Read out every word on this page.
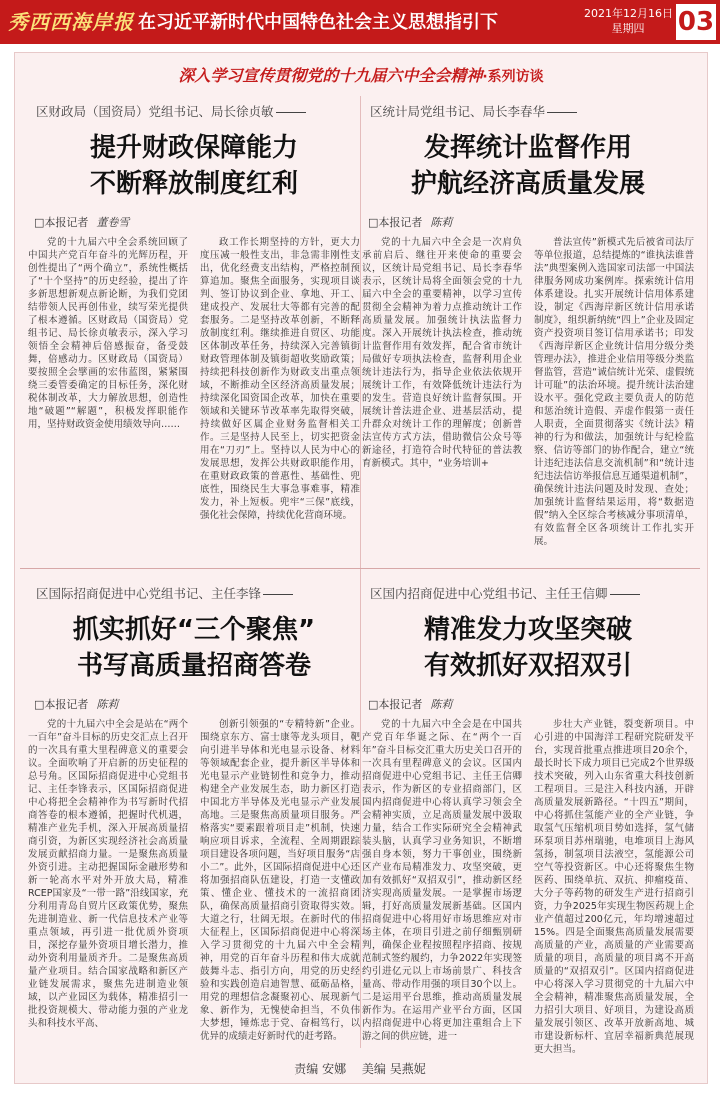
秀西西海岸报 在习近平新时代中国特色社会主义思想指引下	2021年12月16日
星期四	03
深入学习宣传贯彻党的十九届六中全会精神·系列访谈
区财政局（国资局）党组书记、局长徐贞敏
提升财政保障能力
不断释放制度红利
□本报记者 董卷雪
党的十九届六中全会系统回顾了中国共产党百年奋斗的光辉历程，开创性提出了“两个确立”，系统性概括了“十个坚持”的历史经验，提出了许多新思想新观点新论断，为我们党团结带领人民再创伟业，续写荣光提供了根本遵循。区财政局（国资局）党组书记、局长徐贞敏表示，深入学习领悟全会精神后倍感振奋，备受鼓舞，倍感动力。区财政局（国资局）要按照全会擘画的宏伟蓝图，紧紧围绕三委管委确定的目标任务，深化财税体制改革，大力解放思想，创造性地“破题”“解题”，积极发挥职能作用，坚持财政资金使用绩效导向……
政工作长期坚持的方针，更大力度压减一般性支出，非急需非刚性支出，优化经费支出结构，严格控制预算追加。聚焦全面服务，实现项目谈判、签订协议到企业、拿地、开工、建成投产、发展壮大等都有完善的配套服务。二是坚持改革创新，不断释放制度红利。继续推进自贸区、功能区体制改革任务，持续深入完善镇街财政管理体制及镇街超收奖励政策；持续把科技创新作为财政支出重点领域，不断推动全区经济高质量发展；持续深化国资国企改革，加快在重要领域和关键环节改革率先取得突破，持续做好区属企业财务监督相关工作。三是坚持人民至上，切实把资金用在“刀刃”上。坚持以人民为中心的发展思想，发挥公共财政职能作用，在重财政政策的普惠性、基础性、兜底性，围绕民生大事急事难事，精准发力，补上短板。兜牢“三保”底线，强化社会保障，持续优化营商环境。
区统计局党组书记、局长李春华
发挥统计监督作用
护航经济高质量发展
□本报记者 陈莉
党的十九届六中全会是一次肩负承前启后、继往开来使命的重要会议，区统计局党组书记、局长李春华表示，区统计局将全面领会党的十九届六中全会的重要精神，以学习宣传贯彻全会精神为着力点推动统计工作高质量发展。加强统计执法监督力度。深入开展统计执法检查，推动统计监督作用有效发挥，配合省市统计局做好专项执法检查，监督利用企业统计违法行为，指导企业依法依规开展统计工作，有效降低统计违法行为的发生。营造良好统计监督氛围。开展统计普法进企业、进基层活动，提升群众对统计工作的理解度；创新普法宣传方式方法，借助微信公众号等新途径，打造符合时代特征的普法教育新模式。其中，“业务培训+
普法宣传”新模式先后被省司法厅等单位报道，总结提炼的“谁执法谁普法”典型案例入选国家司法部一中国法律服务网成功案例库。探索统计信用体系建设。扎实开展统计信用体系建设，制定《西海岸新区统计信用承诺制度》，组织新纳统“四上”企业及固定资产投资项目签订信用承诺书；印发《西海岸新区企业统计信用分级分类管理办法》，推进企业信用等级分类监督监管，营造“诚信统计光荣、虚假统计可耻”的法治环境。提升统计法治建设水平。强化党政主要负责人的防范和惩治统计造假、弄虚作假第一责任人职责，全面贯彻落实《统计法》精神的行为和做法，加强统计与纪检监察、信访等部门的协作配合，建立“统计违纪违法信息交流机制”和“统计违纪违法信访举报信息互通渠道机制”，确保统计违法问题及时发现、查处；加强统计监督结果运用，将“数据造假”纳入全区综合考核减分事项清单，有效监督全区各项统计工作扎实开展。
区国际招商促进中心党组书记、主任李锋
抓实抓好“三个聚焦”
书写高质量招商答卷
□本报记者 陈莉
党的十九届六中全会是站在“两个一百年”奋斗目标的历史交汇点上召开的一次具有重大里程碑意义的重要会议。全面吹响了开启新的历史征程的总号角。区国际招商促进中心党组书记、主任李锋表示，区国际招商促进中心将把全会精神作为书写新时代招商答卷的根本遵循，把握时代机遇，精准产业先手机，深入开展高质量招商引资，为新区实现经济社会高质量发展贡献招商力量。一是聚焦高质量外资引进。主动把握国际金融形势和新一轮高水平对外开放大局，精准RCEP国家及“一带一路”沿线国家，充分利用青岛自贸片区政策优势，聚焦先进制造业、新一代信息技术产业等重点领域，再引进一批优质外资项目，深挖存量外资项目增长潜力，推动外资利用量质齐升。二是聚焦高质量产业项目。结合国家战略和新区产业链发展需求，聚焦先进制造业领域，以产业园区为载体，精准招引一批投资规模大、带动能力强的产业龙头和科技水平高、
创新引领强的“专精特新”企业。围绕京东方、富士康等龙头项目，靶向引进半导体和光电显示设备、材料等领域配套企业，提升新区半导体和光电显示产业链韧性和竞争力，推动构建全产业发展生态，助力新区打造中国北方半导体及光电显示产业发展高地。三是聚焦高质量项目服务。严格落实“要素跟着项目走”机制，快速响应项目诉求，全流程、全周期跟踪项目建设各项问题，当好项目服务“店小二”。此外，区国际招商促进中心还将加强招商队伍建设，打造一支懂政策、懂企业、懂技术的一流招商团队，确保高质量招商引资取得实效。大道之行，壮阔无垠。在新时代的伟大征程上，区国际招商促进中心将深入学习贯彻党的十九届六中全会精神，用党的百年奋斗历程和伟大成就鼓舞斗志、指引方向，用党的历史经验和实践创造启迪智慧、砥砺品格，用党的理想信念凝聚初心、展现新气象、新作为，无愧使命担当，不负伟大梦想，锤炼忠于党、奋楫笃行，以优异的成绩走好新时代的赶考路。
区国内招商促进中心党组书记、主任王信卿
精准发力攻坚突破
有效抓好双招双引
□本报记者 陈莉
党的十九届六中全会是在中国共产党百年华诞之际、在“两个一百年”奋斗目标交汇重大历史关口召开的一次具有里程碑意义的会议。区国内招商促进中心党组书记、主任王信卿表示，作为新区的专业招商部门，区国内招商促进中心将认真学习领会全会精神实质，立足高质量发展中汲取力量，结合工作实际研究全会精神武装头脑，认真学习业务知识，不断增强自身本领，努力干事创业，围绕新区产业布局精准发力、攻坚突破，更加有效抓好“双招双引”，推动新区经济实现高质量发展。一是掌握市场逻辑，打好高质量发展新基础。区国内招商促进中心将用好市场思维应对市场主体，在项目引进之前仔细甄别研判，确保企业程按照程序招商、按规范制式签约履约，力争2022年实现签约引进亿元以上市场前景广、科技含量高、带动作用强的项目30个以上。二是运用平台思维，推动高质量发展新作为。在运用产业平台方面，区国内招商促进中心将更加注重组合上下游之间的供应链，进一
步壮大产业链，裂变新项目。中心引进的中国海洋工程研究院研发平台，实现首批重点推进项目20余个，最长时长下成力项目已完成2个世界级技术突破，列入山东省重大科技创新工程项目。三是注入科技内涵，开辟高质量发展新路径。“十四五”期间，中心将抓住氢能产业的全产业链，争取氢气压缩机项目势如选择，氢气储环泵项目苏州瑞驰，电堆项目上海风氢扬，制氢项目法液空，氢能源公司空气等投资新区。中心还将聚焦生物医药、围绕单抗、双抗、抑瘤疫苗、大分子等药物的研发生产进行招商引资，力争2025年实现生物医药规上企业产值超过200亿元，年均增速超过15%。四是全面聚焦高质量发展需要高质量的产业，高质量的产业需要高质量的项目，高质量的项目离不开高质量的“双招双引”。区国内招商促进中心将深入学习贯彻党的十九届六中全会精神，精准聚焦高质量发展，全力招引大项目、好项目，为建设高质量发展引领区、改革开放新高地、城市建设新标杆、宜居幸福新典范展现更大担当。
责编 安娜 美编 吴燕妮
